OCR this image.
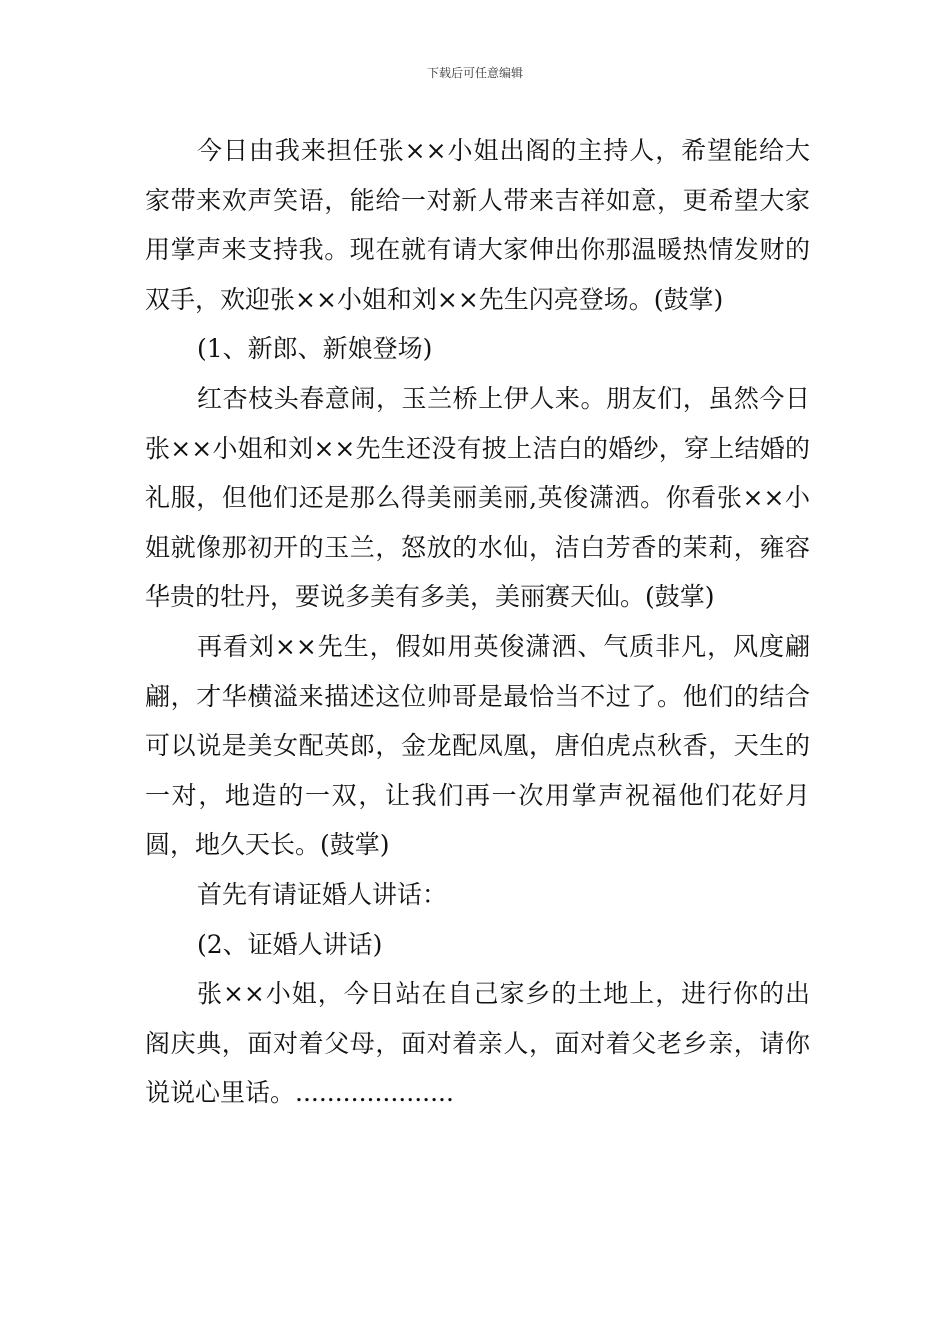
下载后可任意编辑

今日由我来担任张××小姐出阁的主持人，希望能给大家带来欢声笑语，能给一对新人带来吉祥如意，更希望大家用掌声来支持我。现在就有请大家伸出你那温暖热情发财的双手，欢迎张××小姐和刘××先生闪亮登场。(鼓掌)

(1、新郎、新娘登场)

红杏枝头春意闹，玉兰桥上伊人来。朋友们，虽然今日张××小姐和刘××先生还没有披上洁白的婚纱，穿上结婚的礼服，但他们还是那么得美丽美丽,英俊潇洒。你看张××小姐就像那初开的玉兰，怒放的水仙，洁白芳香的茉莉，雍容华贵的牡丹，要说多美有多美，美丽赛天仙。(鼓掌)

再看刘××先生，假如用英俊潇洒、气质非凡，风度翩翩，才华横溢来描述这位帅哥是最恰当不过了。他们的结合可以说是美女配英郎，金龙配凤凰，唐伯虎点秋香，天生的一对，地造的一双，让我们再一次用掌声祝福他们花好月圆，地久天长。(鼓掌)

首先有请证婚人讲话：

(2、证婚人讲话)

张××小姐，今日站在自己家乡的土地上，进行你的出阁庆典，面对着父母，面对着亲人，面对着父老乡亲，请你说说心里话。....................
